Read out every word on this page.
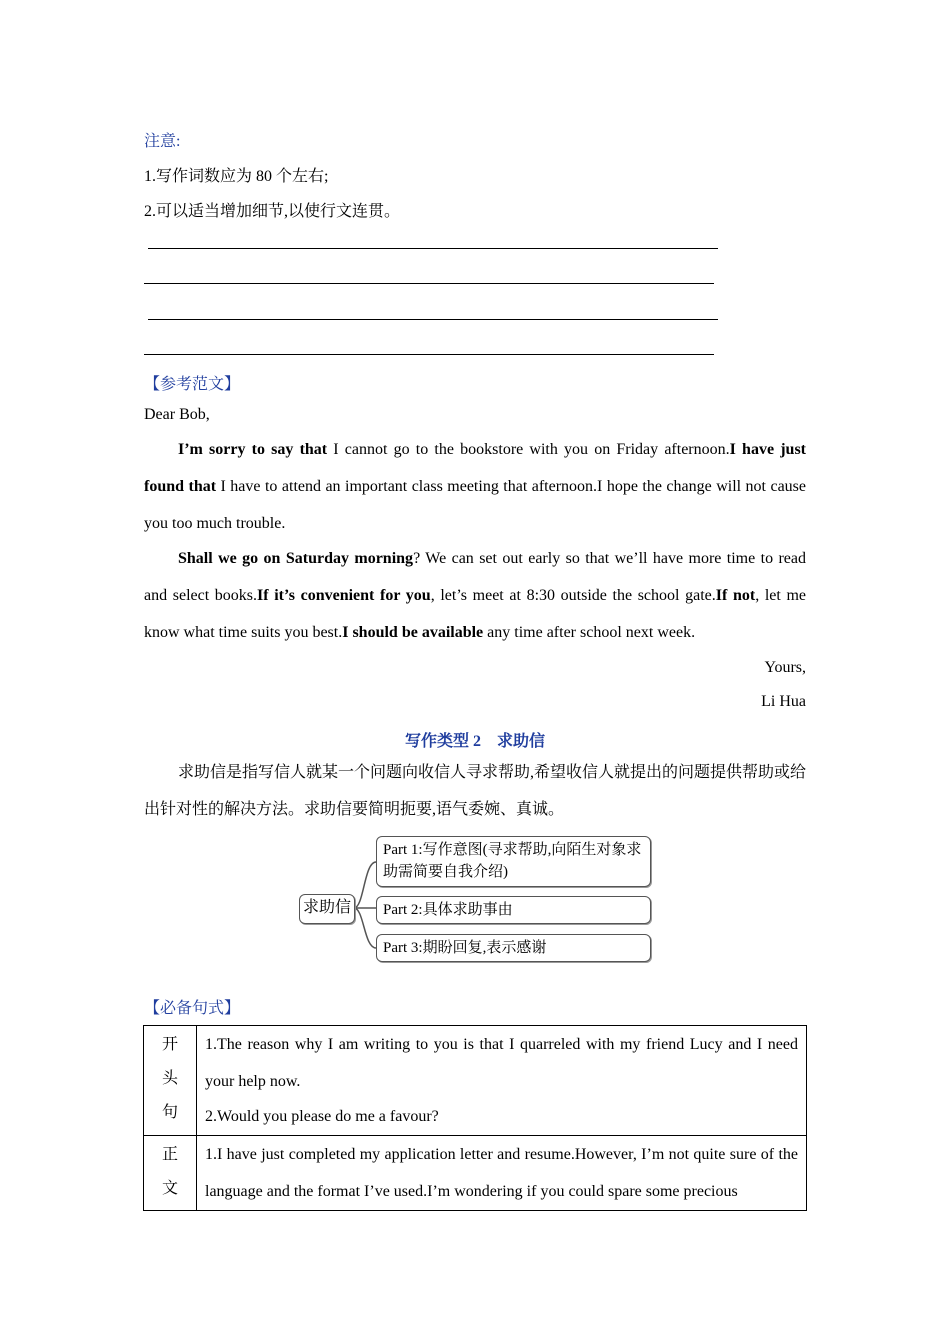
注意:
1.写作词数应为 80 个左右;
2.可以适当增加细节,以使行文连贯。
【参考范文】
Dear Bob,
I’m sorry to say that I cannot go to the bookstore with you on Friday afternoon.I have just found that I have to attend an important class meeting that afternoon.I hope the change will not cause you too much trouble.
Shall we go on Saturday morning? We can set out early so that we’ll have more time to read and select books.If it’s convenient for you, let’s meet at 8:30 outside the school gate.If not, let me know what time suits you best.I should be available any time after school next week.
Yours,
Li Hua
写作类型 2　求助信
求助信是指写信人就某一个问题向收信人寻求帮助,希望收信人就提出的问题提供帮助或给出针对性的解决方法。求助信要简明扼要,语气委婉、真诚。
求助信
Part 1:写作意图(寻求帮助,向陌生对象求助需简要自我介绍)
Part 2:具体求助事由
Part 3:期盼回复,表示感谢
【必备句式】
开头句	1.The reason why I am writing to you is that I quarreled with my friend Lucy and I need your help now.
2.Would you please do me a favour?

正文	1.I have just completed my application letter and resume.However, I’m not quite sure of the language and the format I’ve used.I’m wondering if you could spare some precious
